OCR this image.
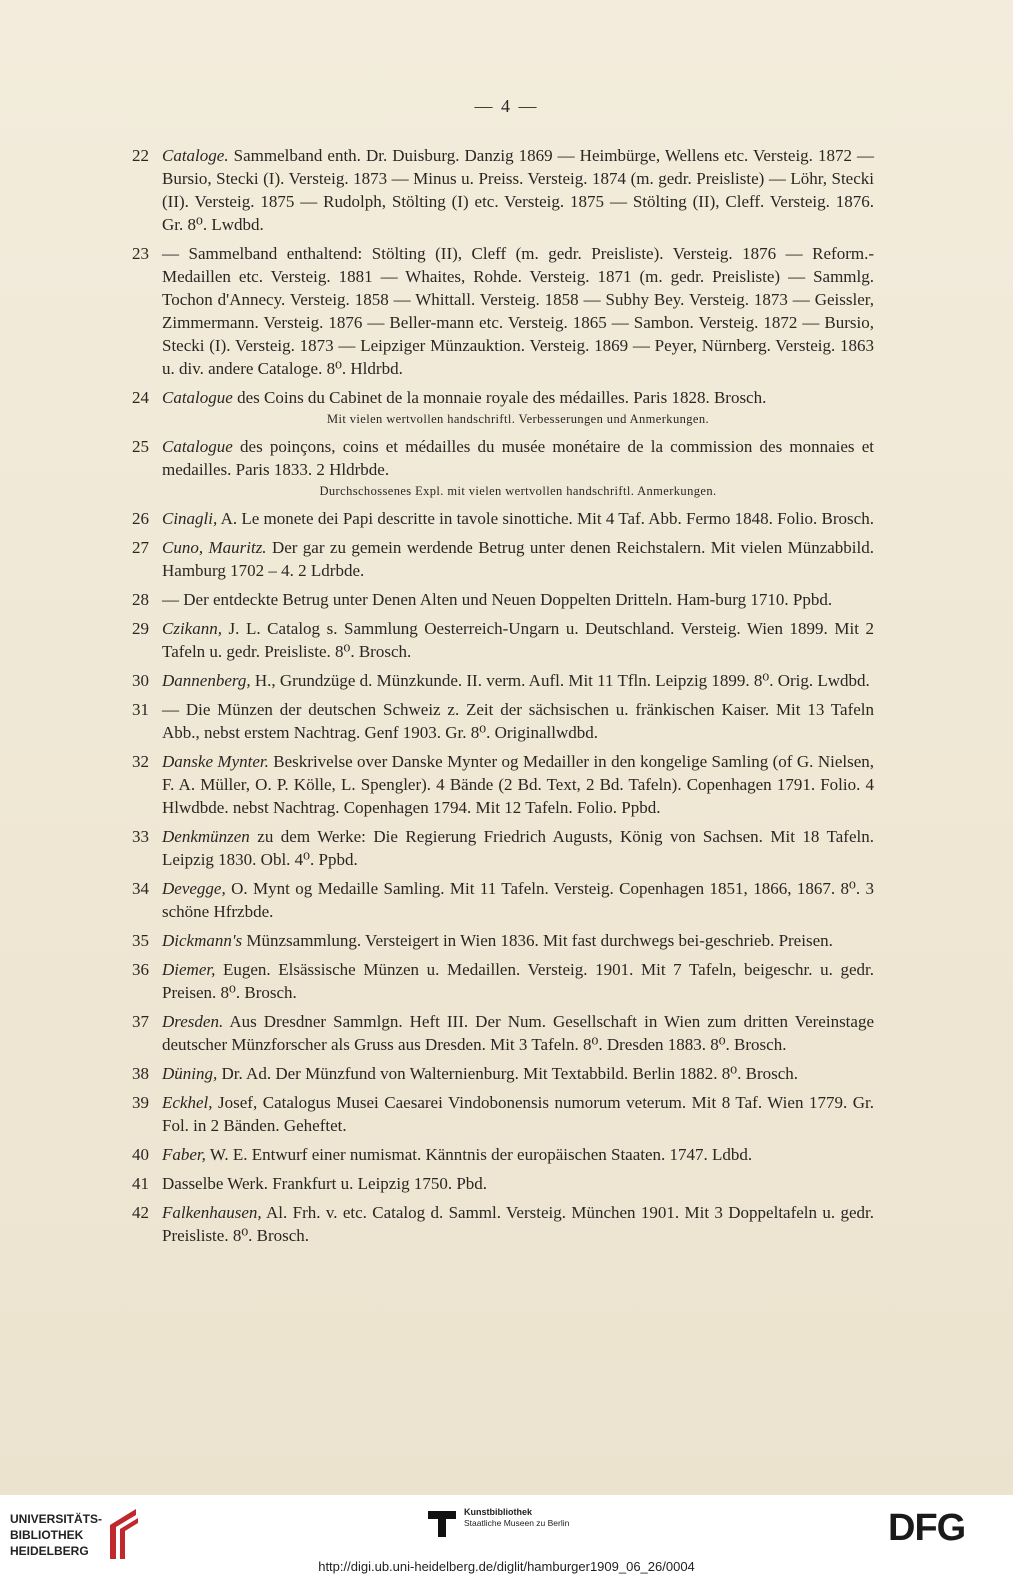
— 4 —
22 Cataloge. Sammelband enth. Dr. Duisburg. Danzig 1869 — Heimbürge, Wellens etc. Versteig. 1872 — Bursio, Stecki (I). Versteig. 1873 — Minus u. Preiss. Versteig. 1874 (m. gedr. Preisliste) — Löhr, Stecki (II). Versteig. 1875 — Rudolph, Stölting (I) etc. Versteig. 1875 — Stölting (II), Cleff. Versteig. 1876. Gr. 8⁰. Lwdbd.
23 — Sammelband enthaltend: Stölting (II), Cleff (m. gedr. Preisliste). Versteig. 1876 — Reform.-Medaillen etc. Versteig. 1881 — Whaites, Rohde. Versteig. 1871 (m. gedr. Preisliste) — Sammlg. Tochon d'Annecy. Versteig. 1858 — Whittall. Versteig. 1858 — Subhy Bey. Versteig. 1873 — Geissler, Zimmermann. Versteig. 1876 — Beller-mann etc. Versteig. 1865 — Sambon. Versteig. 1872 — Bursio, Stecki (I). Versteig. 1873 — Leipziger Münzauktion. Versteig. 1869 — Peyer, Nürnberg. Versteig. 1863 u. div. andere Cataloge. 8⁰. Hldrbd.
24 Catalogue des Coins du Cabinet de la monnaie royale des médailles. Paris 1828. Brosch.
Mit vielen wertvollen handschriftl. Verbesserungen und Anmerkungen.
25 Catalogue des poinçons, coins et médailles du musée monétaire de la commission des monnaies et medailles. Paris 1833. 2 Hldrbde.
Durchschossenes Expl. mit vielen wertvollen handschriftl. Anmerkungen.
26 Cinagli, A. Le monete dei Papi descritte in tavole sinottiche. Mit 4 Taf. Abb. Fermo 1848. Folio. Brosch.
27 Cuno, Mauritz. Der gar zu gemein werdende Betrug unter denen Reichstalern. Mit vielen Münzabbild. Hamburg 1702 – 4. 2 Ldrbde.
28 — Der entdeckte Betrug unter Denen Alten und Neuen Doppelten Dritteln. Ham-burg 1710. Ppbd.
29 Czikann, J. L. Catalog s. Sammlung Oesterreich-Ungarn u. Deutschland. Versteig. Wien 1899. Mit 2 Tafeln u. gedr. Preisliste. 8⁰. Brosch.
30 Dannenberg, H., Grundzüge d. Münzkunde. II. verm. Aufl. Mit 11 Tfln. Leipzig 1899. 8⁰. Orig. Lwdbd.
31 — Die Münzen der deutschen Schweiz z. Zeit der sächsischen u. fränkischen Kaiser. Mit 13 Tafeln Abb., nebst erstem Nachtrag. Genf 1903. Gr. 8⁰. Originallwdbd.
32 Danske Mynter. Beskrivelse over Danske Mynter og Medailler in den kongelige Samling (of G. Nielsen, F. A. Müller, O. P. Kölle, L. Spengler). 4 Bände (2 Bd. Text, 2 Bd. Tafeln). Copenhagen 1791. Folio. 4 Hlwdbde. nebst Nachtrag. Copenhagen 1794. Mit 12 Tafeln. Folio. Ppbd.
33 Denkmünzen zu dem Werke: Die Regierung Friedrich Augusts, König von Sachsen. Mit 18 Tafeln. Leipzig 1830. Obl. 4⁰. Ppbd.
34 Devegge, O. Mynt og Medaille Samling. Mit 11 Tafeln. Versteig. Copenhagen 1851, 1866, 1867. 8⁰. 3 schöne Hfrzbde.
35 Dickmann's Münzsammlung. Versteigert in Wien 1836. Mit fast durchwegs bei-geschrieb. Preisen.
36 Diemer, Eugen. Elsässische Münzen u. Medaillen. Versteig. 1901. Mit 7 Tafeln, beigeschr. u. gedr. Preisen. 8⁰. Brosch.
37 Dresden. Aus Dresdner Sammlgn. Heft III. Der Num. Gesellschaft in Wien zum dritten Vereinstage deutscher Münzforscher als Gruss aus Dresden. Mit 3 Tafeln. 8⁰. Dresden 1883. 8⁰. Brosch.
38 Düning, Dr. Ad. Der Münzfund von Walternienburg. Mit Textabbild. Berlin 1882. 8⁰. Brosch.
39 Eckhel, Josef, Catalogus Musei Caesarei Vindobonensis numorum veterum. Mit 8 Taf. Wien 1779. Gr. Fol. in 2 Bänden. Geheftet.
40 Faber, W. E. Entwurf einer numismat. Känntnis der europäischen Staaten. 1747. Ldbd.
41 Dasselbe Werk. Frankfurt u. Leipzig 1750. Pbd.
42 Falkenhausen, Al. Frh. v. etc. Catalog d. Samml. Versteig. München 1901. Mit 3 Doppeltafeln u. gedr. Preisliste. 8⁰. Brosch.
UNIVERSITÄTS-
BIBLIOTHEK
HEIDELBERG
Kunstbibliothek
Staatliche Museen zu Berlin	DFG
http://digi.ub.uni-heidelberg.de/diglit/hamburger1909_06_26/0004
